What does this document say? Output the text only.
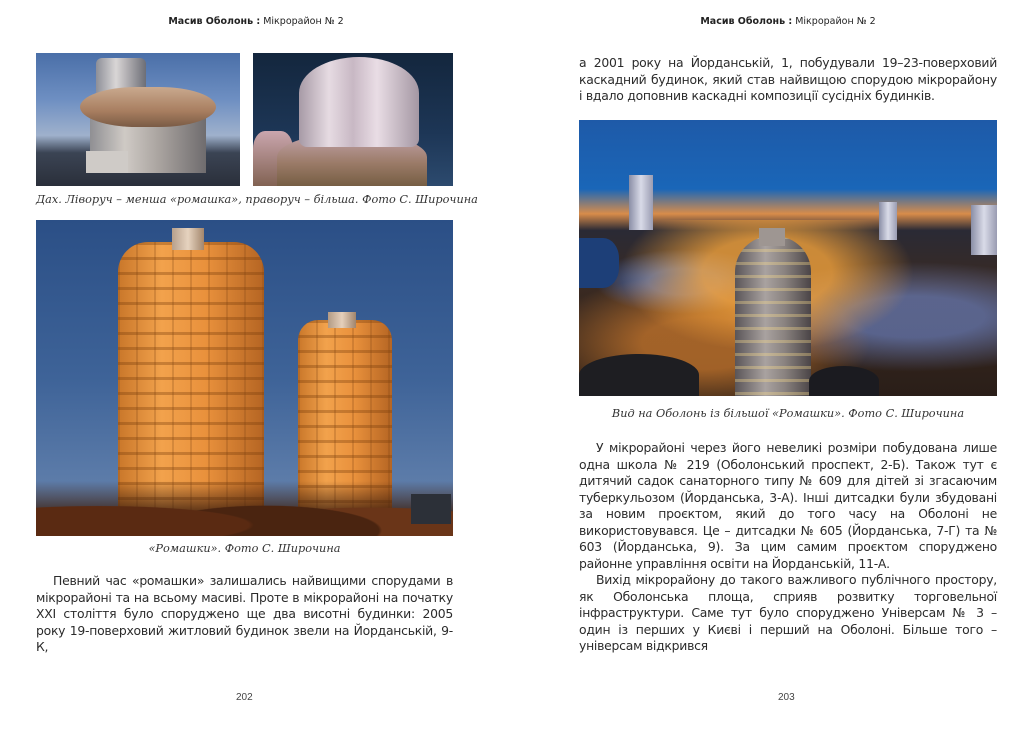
Масив Оболонь : Мікрорайон № 2
Дах. Ліворуч – менша «ромашка», праворуч – більша. Фото С. Широчина
«Ромашки». Фото С. Широчина

Певний час «ромашки» залишались найвищими спорудами в мікрорайоні та на всьому масиві. Проте в мікрорайоні на початку XXI століття було споруджено ще два висотні будинки: 2005 року 19-поверховий житловий будинок звели на Йорданській, 9-К,

202
Масив Оболонь : Мікрорайон № 2

а 2001 року на Йорданській, 1, побудували 19–23-поверховий каскадний будинок, який став найвищою спорудою мікрорайону і вдало доповнив каскадні композиції сусідніх будинків.

Вид на Оболонь із більшої «Ромашки». Фото С. Широчина

У мікрорайоні через його невеликі розміри побудована лише одна школа № 219 (Оболонський проспект, 2-Б). Також тут є дитячий садок санаторного типу № 609 для дітей зі згасаючим туберкульозом (Йорданська, 3-А). Інші дитсадки були збудовані за новим проєктом, який до того часу на Оболоні не використовувався. Це – дитсадки № 605 (Йорданська, 7-Г) та № 603 (Йорданська, 9). За цим самим проєктом споруджено районне управління освіти на Йорданській, 11-А.

Вихід мікрорайону до такого важливого публічного простору, як Оболонська площа, сприяв розвитку торговельної інфраструктури. Саме тут було споруджено Універсам № 3 – один із перших у Києві і перший на Оболоні. Більше того – універсам відкрився

203
